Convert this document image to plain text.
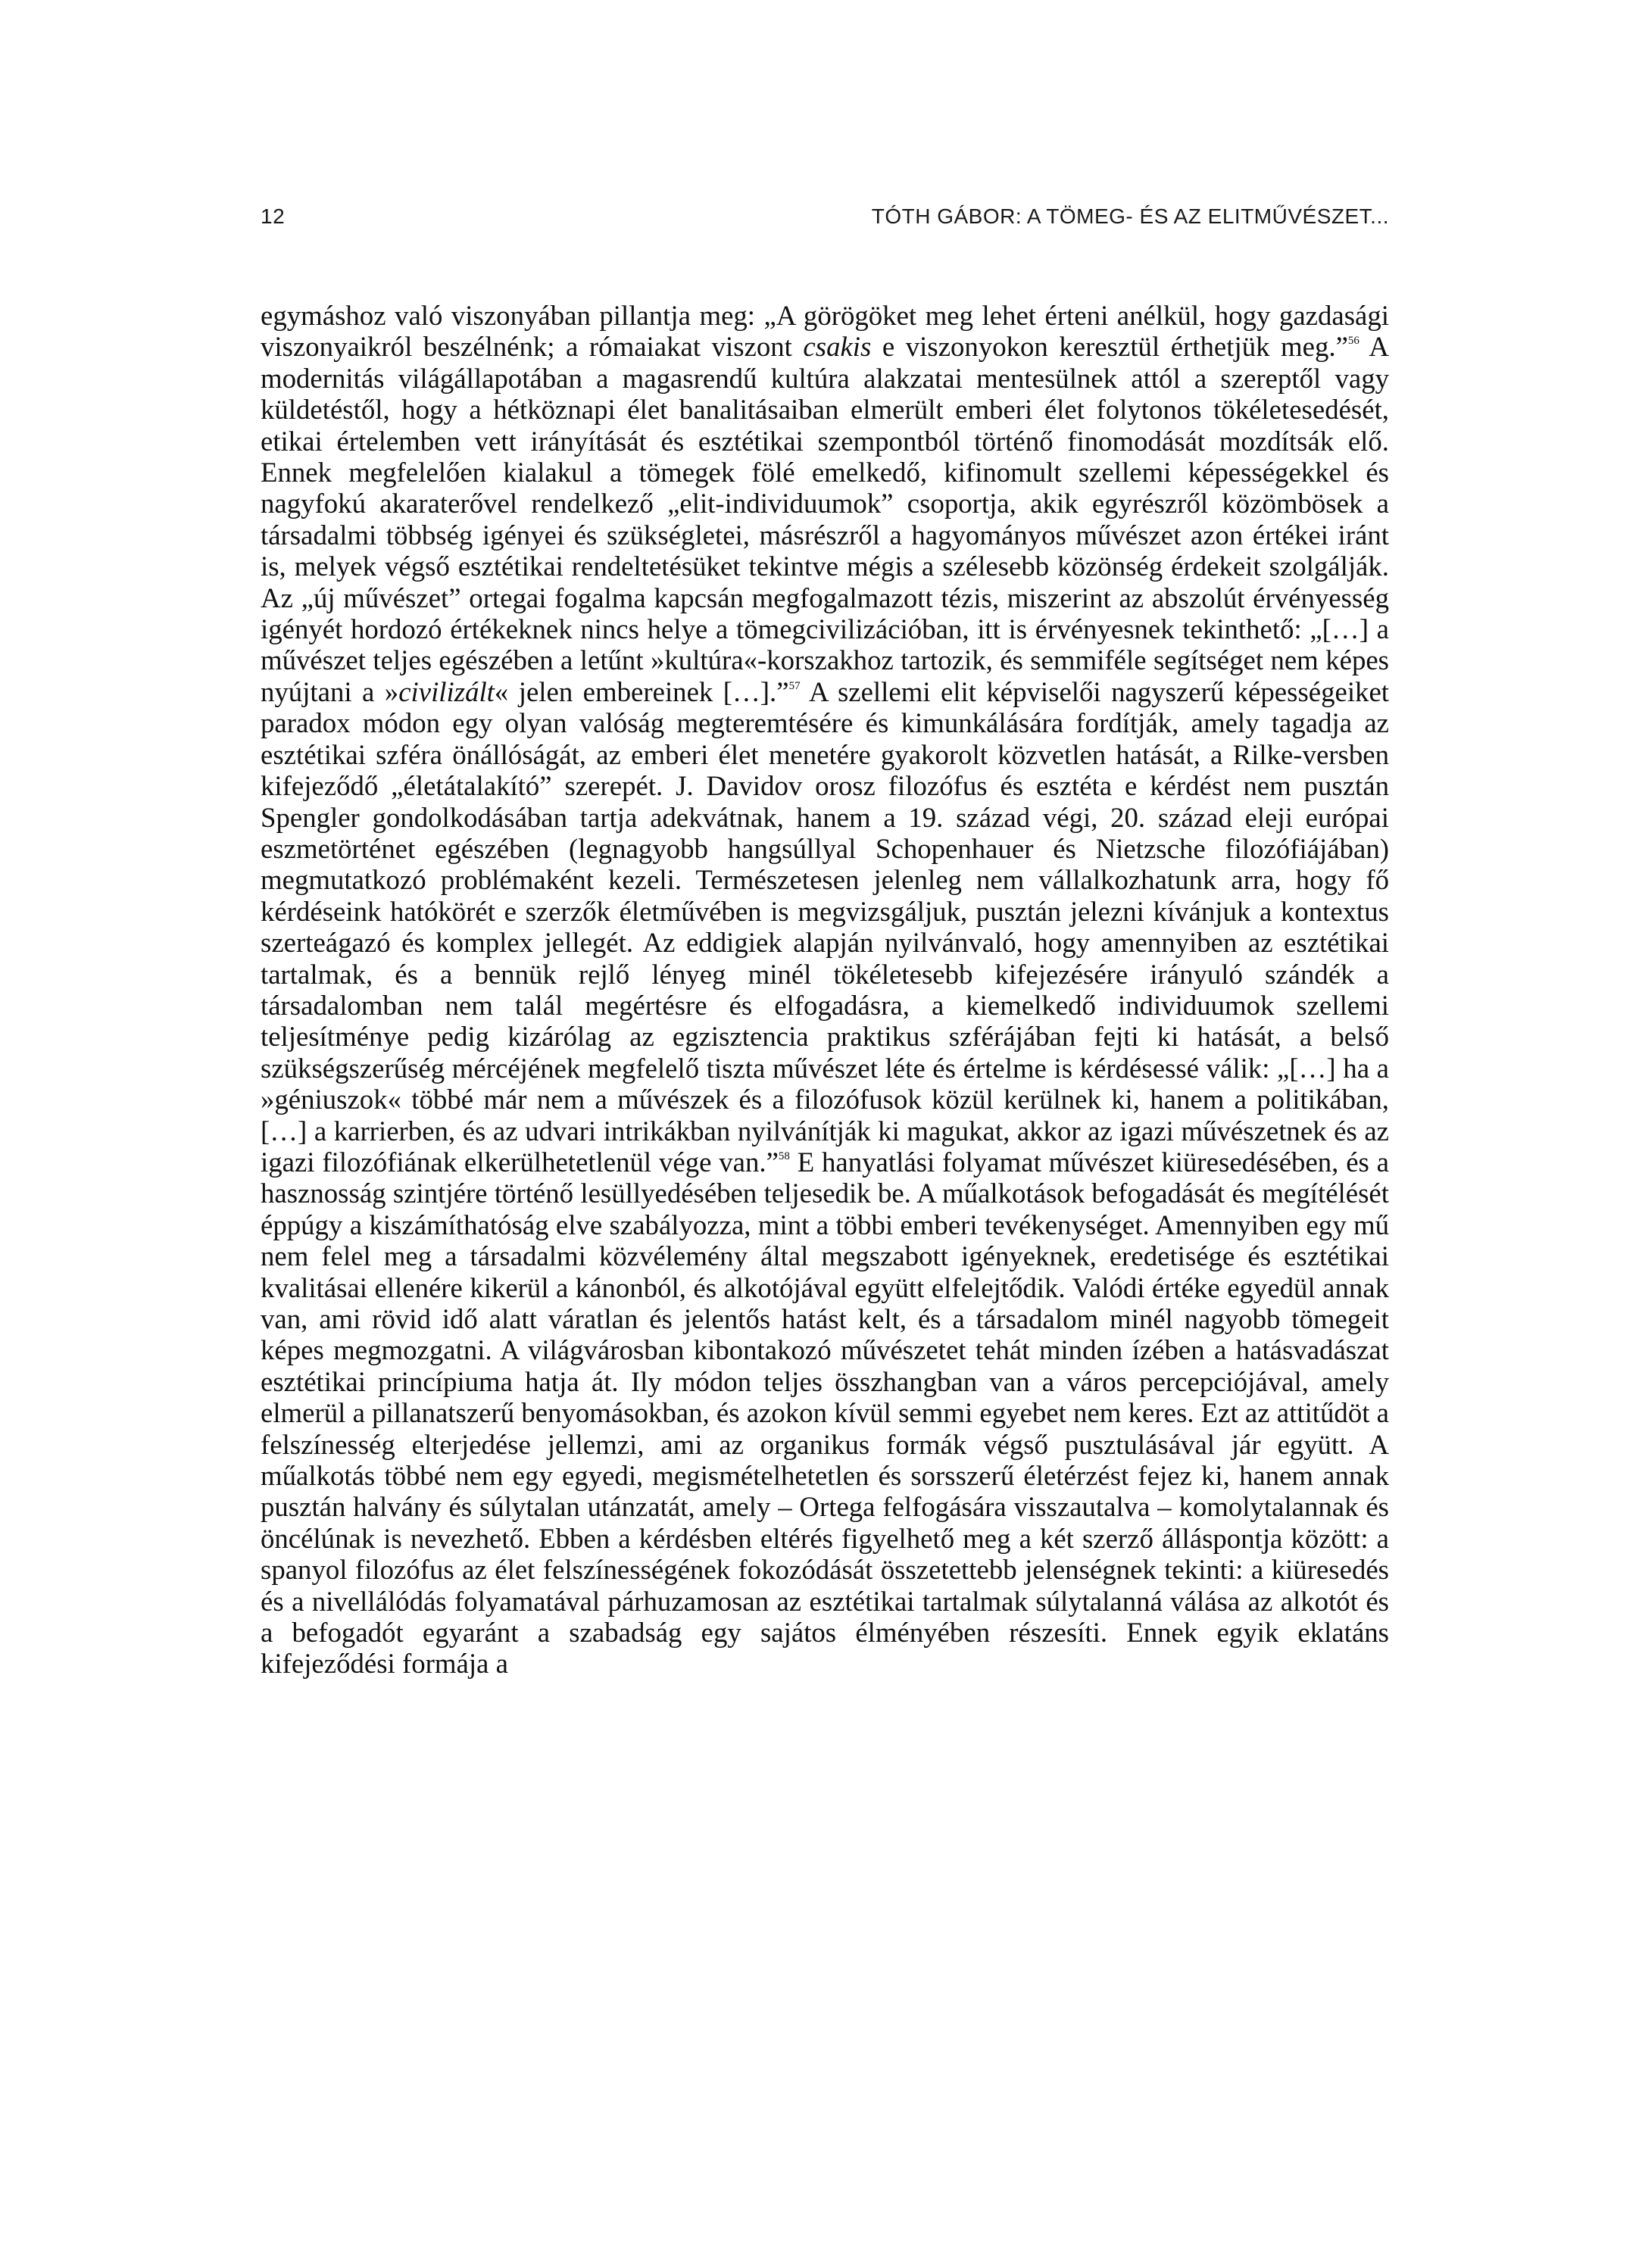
12	TÓTH GÁBOR: A TÖMEG- ÉS AZ ELITMŰVÉSZET...

egymáshoz való viszonyában pillantja meg: „A görögöket meg lehet érteni anélkül, hogy gazdasági viszonyaikról beszélnénk; a rómaiakat viszont csakis e viszonyokon keresztül érthetjük meg.”$^{56}$ A modernitás világállapotában a magasrendű kultúra alakzatai mentesülnek attól a szereptől vagy küldetéstől, hogy a hétköznapi élet banalitásaiban elmerült emberi élet folytonos tökéletesedését, etikai értelemben vett irányítását és esztétikai szempontból történő finomodását mozdítsák elő. Ennek megfelelően kialakul a tömegek fölé emelkedő, kifinomult szellemi képességekkel és nagyfokú akaraterővel rendelkező „elit-individuumok” csoportja, akik egyrészről közömbösek a társadalmi többség igényei és szükségletei, másrészről a hagyományos művészet azon értékei iránt is, melyek végső esztétikai rendeltetésüket tekintve mégis a szélesebb közönség érdekeit szolgálják. Az „új művészet” ortegai fogalma kapcsán megfogalmazott tézis, miszerint az abszolút érvényesség igényét hordozó értékeknek nincs helye a tömegcivilizációban, itt is érvényesnek tekinthető: „[…] a művészet teljes egészében a letűnt »kultúra«-korszakhoz tartozik, és semmiféle segítséget nem képes nyújtani a »civilizált« jelen embereinek […].”$^{57}$ A szellemi elit képviselői nagyszerű képességeiket paradox módon egy olyan valóság megteremtésére és kimunkálására fordítják, amely tagadja az esztétikai szféra önállóságát, az emberi élet menetére gyakorolt közvetlen hatását, a Rilke-versben kifejeződő „életátalakító” szerepét. J. Davidov orosz filozófus és esztéta e kérdést nem pusztán Spengler gondolkodásában tartja adekvátnak, hanem a 19. század végi, 20. század eleji európai eszmetörténet egészében (legnagyobb hangsúllyal Schopenhauer és Nietzsche filozófiájában) megmutatkozó problémaként kezeli. Természetesen jelenleg nem vállalkozhatunk arra, hogy fő kérdéseink hatókörét e szerzők életművében is megvizsgáljuk, pusztán jelezni kívánjuk a kontextus szerteágazó és komplex jellegét. Az eddigiek alapján nyilvánvaló, hogy amennyiben az esztétikai tartalmak, és a bennük rejlő lényeg minél tökéletesebb kifejezésére irányuló szándék a társadalomban nem talál megértésre és elfogadásra, a kiemelkedő individuumok szellemi teljesítménye pedig kizárólag az egzisztencia praktikus szférájában fejti ki hatását, a belső szükségszerűség mércéjének megfelelő tiszta művészet léte és értelme is kérdésessé válik: „[…] ha a »géniuszok« többé már nem a művészek és a filozófusok közül kerülnek ki, hanem a politikában, […] a karrierben, és az udvari intrikákban nyilvánítják ki magukat, akkor az igazi művészetnek és az igazi filozófiának elkerülhetetlenül vége van.”$^{58}$ E hanyatlási folyamat művészet kiüresedésében, és a hasznosság szintjére történő lesüllyedésében teljesedik be. A műalkotások befogadását és megítélését éppúgy a kiszámíthatóság elve szabályozza, mint a többi emberi tevékenységet. Amennyiben egy mű nem felel meg a társadalmi közvélemény által megszabott igényeknek, eredetisége és esztétikai kvalitásai ellenére kikerül a kánonból, és alkotójával együtt elfelejtődik. Valódi értéke egyedül annak van, ami rövid idő alatt váratlan és jelentős hatást kelt, és a társadalom minél nagyobb tömegeit képes megmozgatni. A világvárosban kibontakozó művészetet tehát minden ízében a hatásvadászat esztétikai princípiuma hatja át. Ily módon teljes összhangban van a város percepciójával, amely elmerül a pillanatszerű benyomásokban, és azokon kívül semmi egyebet nem keres. Ezt az attitűdöt a felszínesség elterjedése jellemzi, ami az organikus formák végső pusztulásával jár együtt. A műalkotás többé nem egy egyedi, megismételhetetlen és sorsszerű életérzést fejez ki, hanem annak pusztán halvány és súlytalan utánzatát, amely – Ortega felfogására visszautalva – komolytalannak és öncélúnak is nevezhető. Ebben a kérdésben eltérés figyelhető meg a két szerző álláspontja között: a spanyol filozófus az élet felszínességének fokozódását összetettebb jelenségnek tekinti: a kiüresedés és a nivellálódás folyamatával párhuzamosan az esztétikai tartalmak súlytalanná válása az alkotót és a befogadót egyaránt a szabadság egy sajátos élményében részesíti. Ennek egyik eklatáns kifejeződési formája a
